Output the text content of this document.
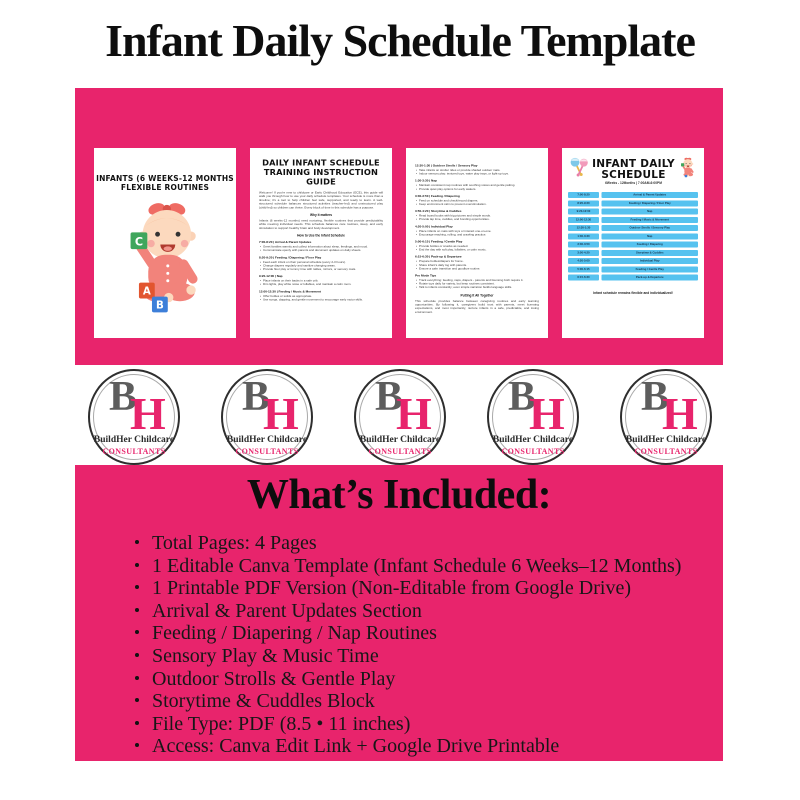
Infant Daily Schedule Template
INFANTS (6 WEEKS-12 MONTHS
FLEXIBLE ROUTINES
C
A
B
DAILY INFANT SCHEDULE
TRAINING INSTRUCTION GUIDE

Welcome! If you're new to childcare or Early Childhood Education (ECE), this guide will walk you through how to use your daily schedule templates. Your schedule is more than a timeline; it's a tool to help children feel safe, supported, and ready to learn. A well-structured schedule balances structured activities (teacher-led) and unstructured play (child-led) so children can thrive. Every block of time in this schedule has a purpose.

Why it matters

Infants (6 weeks-12 months) need nurturing, flexible routines that provide predictability while meeting individual needs. This schedule balances care routines, sleep, and early stimulation to support healthy brain and body development.

How to Use the Infant Schedule
7:00-8:20 | Arrival & Parent Updates
• Greet families warmly and collect information about sleep, feedings, and mood.
• Communicate openly with parents and document updates on daily sheets.
8:20-9:20 | Feeding / Diapering / Floor Play
• Feed each infant on their personal schedule (every 2-3 hours).
• Change diapers regularly and sanitize changing areas.
• Provide floor play or tummy time with rattles, mirrors, or sensory mats.
9:20-12:00 | Nap
• Place infants on their backs in a safe crib.
• Dim lights, play white noise or lullabies, and maintain a calm room.
12:00-12:30 | Feeding / Music & Movement
• Offer bottles or solids as appropriate.
• Use songs, clapping, and gentle movement to encourage early motor skills.
12:30-1:30 | Outdoor Strolls / Sensory Play
• Take infants on stroller rides or provide shaded outdoor mats.
• Indoor sensory play: textured toys, water play trays, or light-up toys.
1:30-3:30 | Nap
• Maintain consistent nap routines with soothing voices and gentle patting.
• Provide quiet play options for early wakers.
3:30-3:50 | Feeding / Diapering
• Feed on schedule and check/record diapers.
• Keep environment calm to prevent overstimulation.
3:50-4:20 | Storytime & Cuddles
• Read board books with big pictures and simple words.
• Provide lap time, cuddles, and bonding opportunities.
4:20-5:00 | Individual Play
• Place infants on mats with toys or interact one-on-one.
• Encourage reaching, rolling, and crawling practice.
5:00-6:15 | Feeding / Gentle Play
• Provide bottles or snacks as needed.
• End the day with soft play, lullabies, or calm music.
6:15-6:30 | Pack-up & Departure
• Prepare bottles/diapers for home.
• Share infant's daily log with parents.
• Ensure a calm transition and goodbye routine.
Pro Mode Tips
• Track everything: feeding, naps, diapers - parents and licensing both require it.
• Rotate toys daily for variety, but keep routines consistent.
• Talk to infants constantly; even simple narration builds language skills.
Putting It All Together

This schedule provides balance between caregiving routines and early learning opportunities. By following it, caregivers build trust with parents, meet licensing expectations, and most importantly, nurture infants in a safe, predictable, and loving environment.

INFANT DAILY
SCHEDULE
6Weeks - 12Months | 7:00AM-6:00PM
7:00-8:20	Arrival & Parent Updates
8:20-9:20	Feeding / Diapering / Floor Play
9:20-12:00	Nap
12:00-12:30	Feeding / Music & Movement
12:30-1:30	Outdoor Strolls / Sensory Play
1:30-3:30	Nap
3:30-3:50	Feeding / Diapering
3:50-4:20	Storytime & Cuddles
4:20-5:00	Individual Play
5:00-6:15	Feeding / Gentle Play
6:15-6:30	Pack-up & Departure
Infant schedule remains flexible and individualized!
B
H
BuildHer Childcare
CONSULTANTS
B
H
BuildHer Childcare
CONSULTANTS
B
H
BuildHer Childcare
CONSULTANTS
B
H
BuildHer Childcare
CONSULTANTS
B
H
BuildHer Childcare
CONSULTANTS
What’s Included:
Total Pages: 4 Pages
1 Editable Canva Template (Infant Schedule 6 Weeks–12 Months)
1 Printable PDF Version (Non-Editable from Google Drive)
Arrival & Parent Updates Section
Feeding / Diapering / Nap Routines
Sensory Play & Music Time
Outdoor Strolls & Gentle Play
Storytime & Cuddles Block
File Type: PDF (8.5 • 11 inches)
Access: Canva Edit Link + Google Drive Printable
